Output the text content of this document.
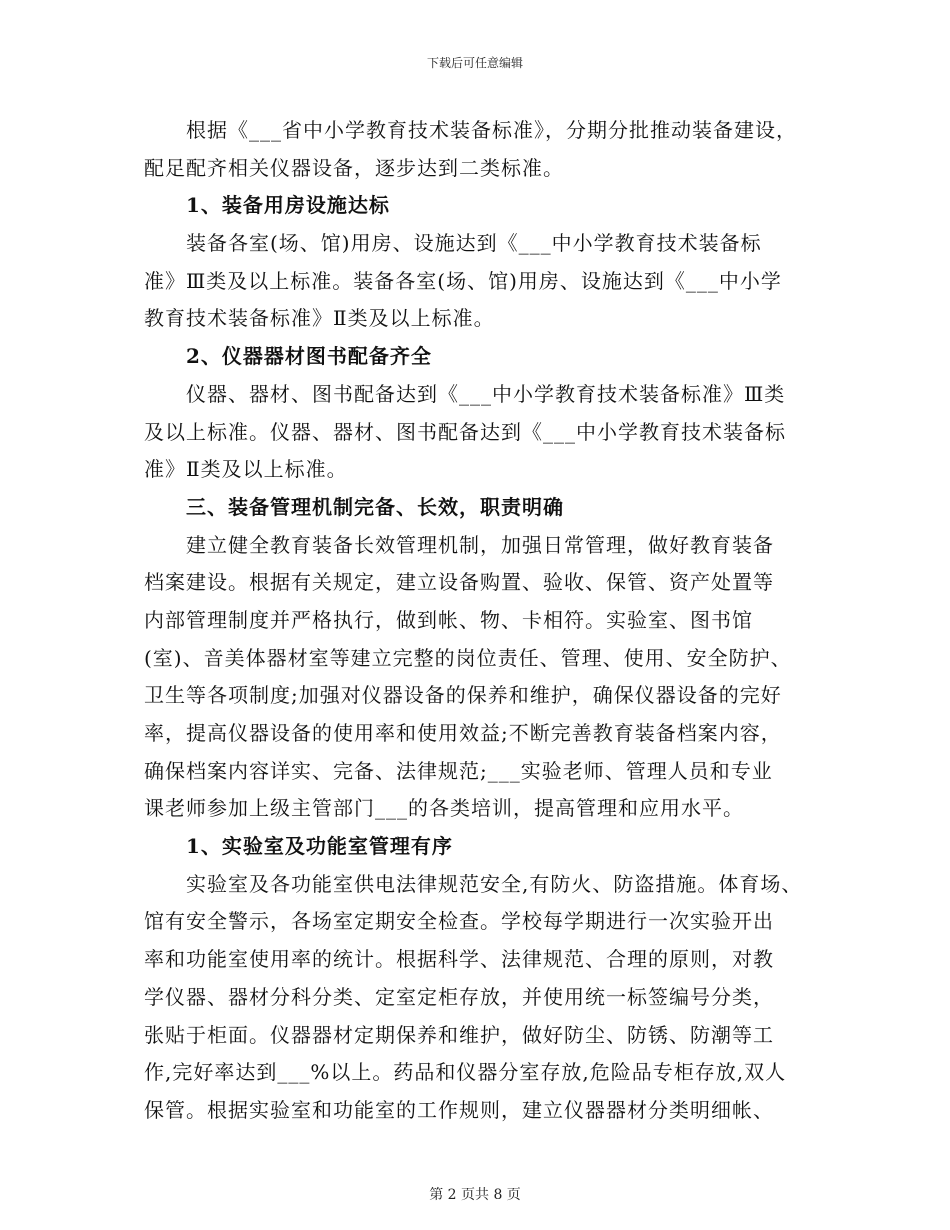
下载后可任意编辑
根据《___省中小学教育技术装备标准》，分期分批推动装备建设，
配足配齐相关仪器设备，逐步达到二类标准。
1、装备用房设施达标
装备各室(场、馆)用房、设施达到《___中小学教育技术装备标
准》Ⅲ类及以上标准。装备各室(场、馆)用房、设施达到《___中小学
教育技术装备标准》Ⅱ类及以上标准。
2、仪器器材图书配备齐全
仪器、器材、图书配备达到《___中小学教育技术装备标准》Ⅲ类
及以上标准。仪器、器材、图书配备达到《___中小学教育技术装备标
准》Ⅱ类及以上标准。
三、装备管理机制完备、长效，职责明确
建立健全教育装备长效管理机制，加强日常管理，做好教育装备
档案建设。根据有关规定，建立设备购置、验收、保管、资产处置等
内部管理制度并严格执行，做到帐、物、卡相符。实验室、图书馆
(室)、音美体器材室等建立完整的岗位责任、管理、使用、安全防护、
卫生等各项制度;加强对仪器设备的保养和维护，确保仪器设备的完好
率，提高仪器设备的使用率和使用效益;不断完善教育装备档案内容，
确保档案内容详实、完备、法律规范;___实验老师、管理人员和专业
课老师参加上级主管部门___的各类培训，提高管理和应用水平。
1、实验室及功能室管理有序
实验室及各功能室供电法律规范安全,有防火、防盗措施。体育场、
馆有安全警示，各场室定期安全检查。学校每学期进行一次实验开出
率和功能室使用率的统计。根据科学、法律规范、合理的原则，对教
学仪器、器材分科分类、定室定柜存放，并使用统一标签编号分类，
张贴于柜面。仪器器材定期保养和维护，做好防尘、防锈、防潮等工
作,完好率达到___%以上。药品和仪器分室存放,危险品专柜存放,双人
保管。根据实验室和功能室的工作规则，建立仪器器材分类明细帐、
第 2 页共 8 页
